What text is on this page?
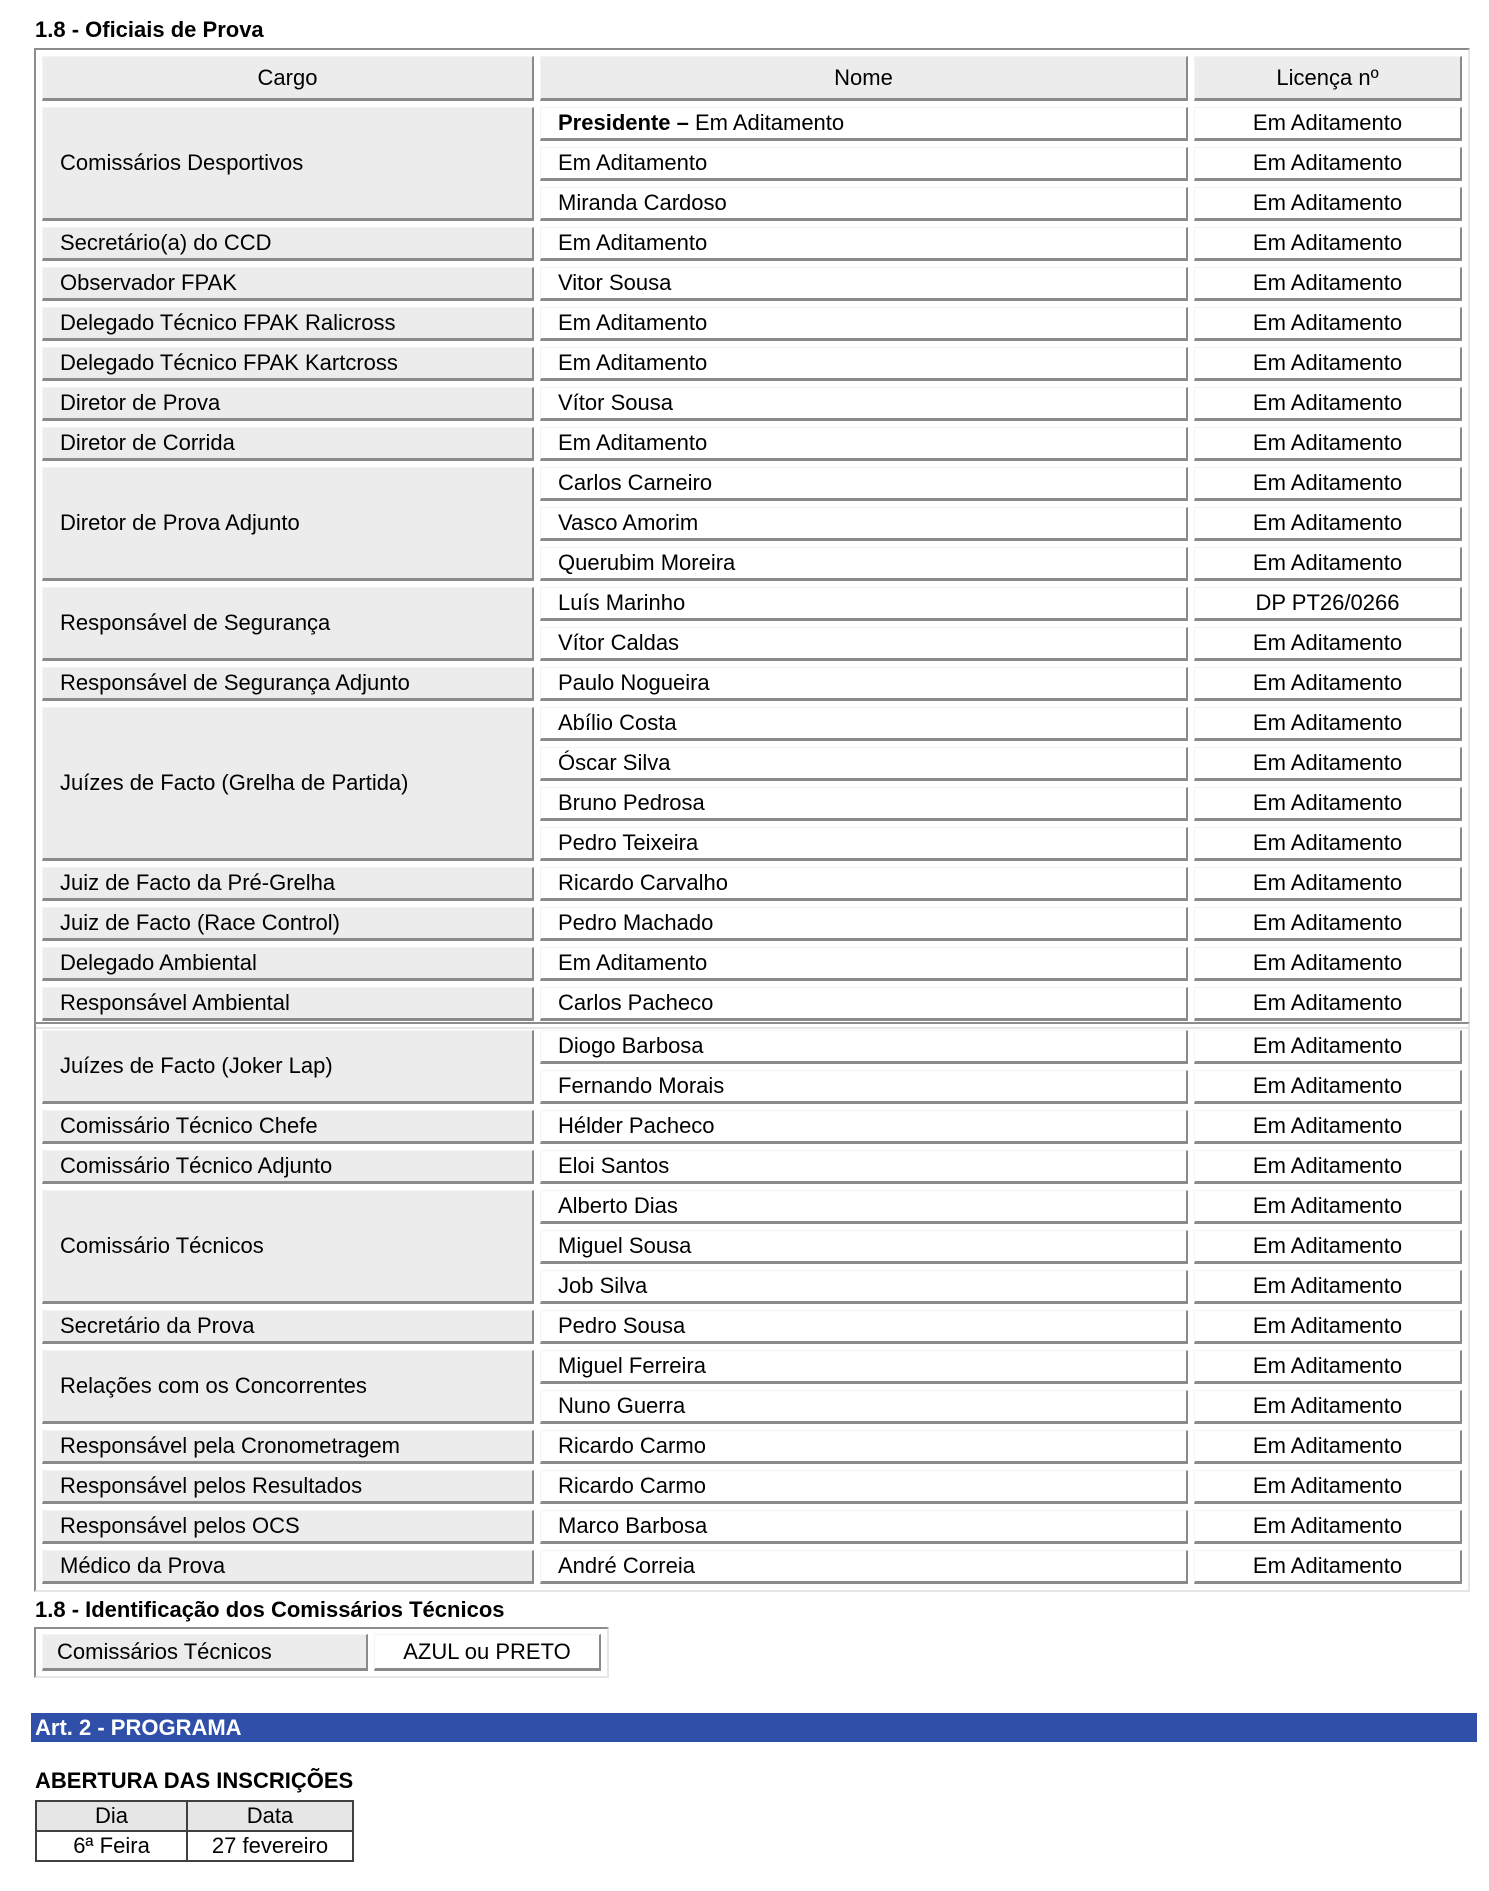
1.8 - Oficiais de Prova
Cargo	Nome	Licença nº
Comissários Desportivos	Presidente – Em Aditamento	Em Aditamento
	Em Aditamento	Em Aditamento
	Miranda Cardoso	Em Aditamento
Secretário(a) do CCD	Em Aditamento	Em Aditamento
Observador FPAK	Vitor Sousa	Em Aditamento
Delegado Técnico FPAK Ralicross	Em Aditamento	Em Aditamento
Delegado Técnico FPAK Kartcross	Em Aditamento	Em Aditamento
Diretor de Prova	Vítor Sousa	Em Aditamento
Diretor de Corrida	Em Aditamento	Em Aditamento
Diretor de Prova Adjunto	Carlos Carneiro	Em Aditamento
	Vasco Amorim	Em Aditamento
	Querubim Moreira	Em Aditamento
Responsável de Segurança	Luís Marinho	DP PT26/0266
	Vítor Caldas	Em Aditamento
Responsável de Segurança Adjunto	Paulo Nogueira	Em Aditamento
Juízes de Facto (Grelha de Partida)	Abílio Costa	Em Aditamento
	Óscar Silva	Em Aditamento
	Bruno Pedrosa	Em Aditamento
	Pedro Teixeira	Em Aditamento
Juiz de Facto da Pré-Grelha	Ricardo Carvalho	Em Aditamento
Juiz de Facto (Race Control)	Pedro Machado	Em Aditamento
Delegado Ambiental	Em Aditamento	Em Aditamento
Responsável Ambiental	Carlos Pacheco	Em Aditamento
Juízes de Facto (Joker Lap)	Diogo Barbosa	Em Aditamento
	Fernando Morais	Em Aditamento
Comissário Técnico Chefe	Hélder Pacheco	Em Aditamento
Comissário Técnico Adjunto	Eloi Santos	Em Aditamento
Comissário Técnicos	Alberto Dias	Em Aditamento
	Miguel Sousa	Em Aditamento
	Job Silva	Em Aditamento
Secretário da Prova	Pedro Sousa	Em Aditamento
Relações com os Concorrentes	Miguel Ferreira	Em Aditamento
	Nuno Guerra	Em Aditamento
Responsável pela Cronometragem	Ricardo Carmo	Em Aditamento
Responsável pelos Resultados	Ricardo Carmo	Em Aditamento
Responsável pelos OCS	Marco Barbosa	Em Aditamento
Médico da Prova	André Correia	Em Aditamento
1.8 - Identificação dos Comissários Técnicos
Comissários Técnicos	AZUL ou PRETO
Art. 2 - PROGRAMA
ABERTURA DAS INSCRIÇÕES
Dia	Data
6ª Feira	27 fevereiro
